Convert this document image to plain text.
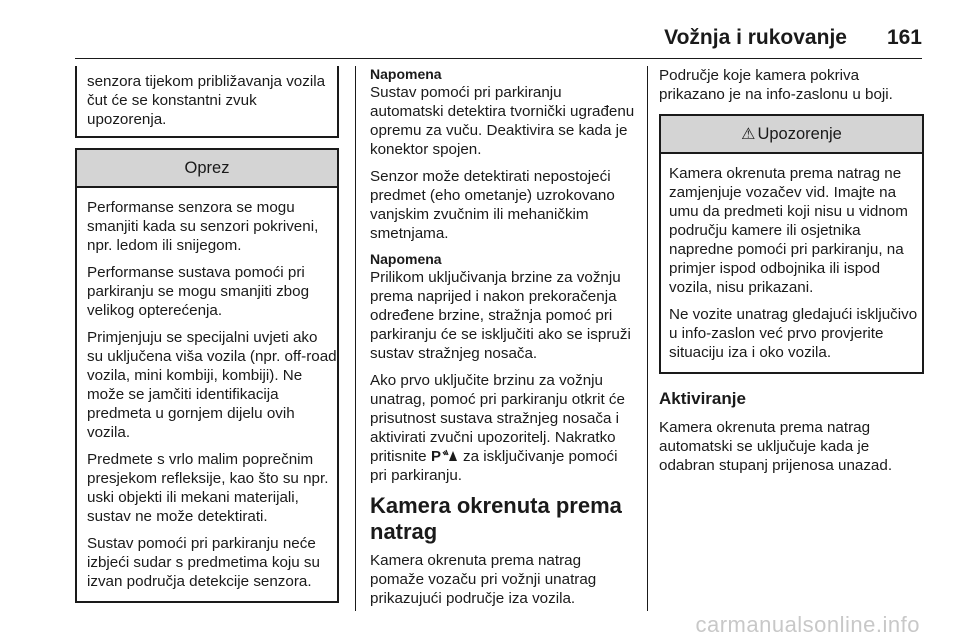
Vožnja i rukovanje 161
senzora tijekom približavanja vozila čut će se konstantni zvuk upozorenja.
Oprez

Performanse senzora se mogu smanjiti kada su senzori pokriveni, npr. ledom ili snijegom.

Performanse sustava pomoći pri parkiranju se mogu smanjiti zbog velikog opterećenja.

Primjenjuju se specijalni uvjeti ako su uključena viša vozila (npr. off-road vozila, mini kombiji, kombiji). Ne može se jamčiti identifikacija predmeta u gornjem dijelu ovih vozila.

Predmete s vrlo malim poprečnim presjekom refleksije, kao što su npr. uski objekti ili mekani materijali, sustav ne može detektirati.

Sustav pomoći pri parkiranju neće izbjeći sudar s predmetima koju su izvan područja detekcije senzora.

Napomena

Sustav pomoći pri parkiranju automatski detektira tvornički ugrađenu opremu za vuču. Deaktivira se kada je konektor spojen.

Senzor može detektirati nepostojeći predmet (eho ometanje) uzrokovano vanjskim zvučnim ili mehaničkim smetnjama.

Napomena

Prilikom uključivanja brzine za vožnju prema naprijed i nakon prekoračenja određene brzine, stražnja pomoć pri parkiranju će se isključiti ako se ispruži sustav stražnjeg nosača.

Ako prvo uključite brzinu za vožnju unatrag, pomoć pri parkiranju otkrit će prisutnost sustava stražnjeg nosača i aktivirati zvučni upozoritelj. Nakratko pritisnite P za isključivanje pomoći pri parkiranju.

Kamera okrenuta prema natrag

Kamera okrenuta prema natrag pomaže vozaču pri vožnji unatrag prikazujući područje iza vozila.

Područje koje kamera pokriva prikazano je na info-zaslonu u boji.

⚠ Upozorenje

Kamera okrenuta prema natrag ne zamjenjuje vozačev vid. Imajte na umu da predmeti koji nisu u vidnom području kamere ili osjetnika napredne pomoći pri parkiranju, na primjer ispod odbojnika ili ispod vozila, nisu prikazani.

Ne vozite unatrag gledajući isključivo u info-zaslon već prvo provjerite situaciju iza i oko vozila.

Aktiviranje

Kamera okrenuta prema natrag automatski se uključuje kada je odabran stupanj prijenosa unazad.

carmanualsonline.info
